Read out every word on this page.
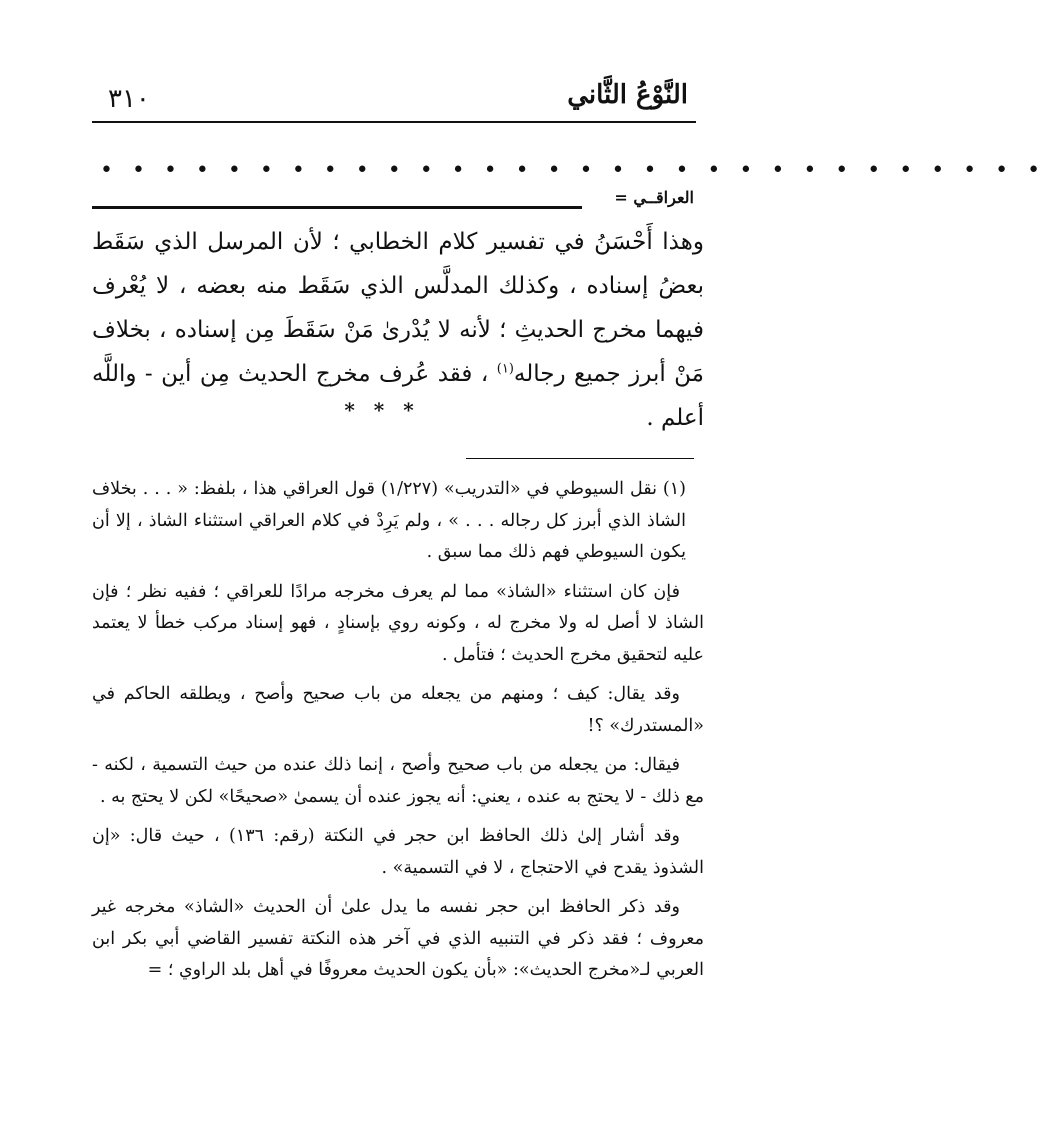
٣١٠	النَّوْعُ الثَّاني
• • • • • • • • • • • • • • • • • • • • • • • • • • • • • •
العراقــي =

وهذا أَحْسَنُ في تفسير كلام الخطابي ؛ لأن المرسل الذي سَقَط بعضُ إسناده ، وكذلك المدلَّس الذي سَقَط منه بعضه ، لا يُعْرف فيهما مخرج الحديثِ ؛ لأنه لا يُدْرىٰ مَنْ سَقَطَ مِن إسناده ، بخلاف مَنْ أبرز جميع رجاله$^{(١)}$ ، فقد عُرف مخرج الحديث مِن أين - واللَّه أعلم .

* * *

(١) نقل السيوطي في «التدريب» (١/٢٢٧) قول العراقي هذا ، بلفظ: « . . . بخلاف الشاذ الذي أبرز كل رجاله . . . » ، ولم يَرِدْ في كلام العراقي استثناء الشاذ ، إلا أن يكون السيوطي فهم ذلك مما سبق .

فإن كان استثناء «الشاذ» مما لم يعرف مخرجه مرادًا للعراقي ؛ ففيه نظر ؛ فإن الشاذ لا أصل له ولا مخرج له ، وكونه روي بإسنادٍ ، فهو إسناد مركب خطأ لا يعتمد عليه لتحقيق مخرج الحديث ؛ فتأمل .

وقد يقال: كيف ؛ ومنهم من يجعله من باب صحيح وأصح ، ويطلقه الحاكم في «المستدرك» ؟!

فيقال: من يجعله من باب صحيح وأصح ، إنما ذلك عنده من حيث التسمية ، لكنه - مع ذلك - لا يحتج به عنده ، يعني: أنه يجوز عنده أن يسمىٰ «صحيحًا» لكن لا يحتج به .

وقد أشار إلىٰ ذلك الحافظ ابن حجر في النكتة (رقم: ١٣٦) ، حيث قال: «إن الشذوذ يقدح في الاحتجاج ، لا في التسمية» .

وقد ذكر الحافظ ابن حجر نفسه ما يدل علىٰ أن الحديث «الشاذ» مخرجه غير معروف ؛ فقد ذكر في التنبيه الذي في آخر هذه النكتة تفسير القاضي أبي بكر ابن العربي لـ«مخرج الحديث»: «بأن يكون الحديث معروفًا في أهل بلد الراوي ؛ =
